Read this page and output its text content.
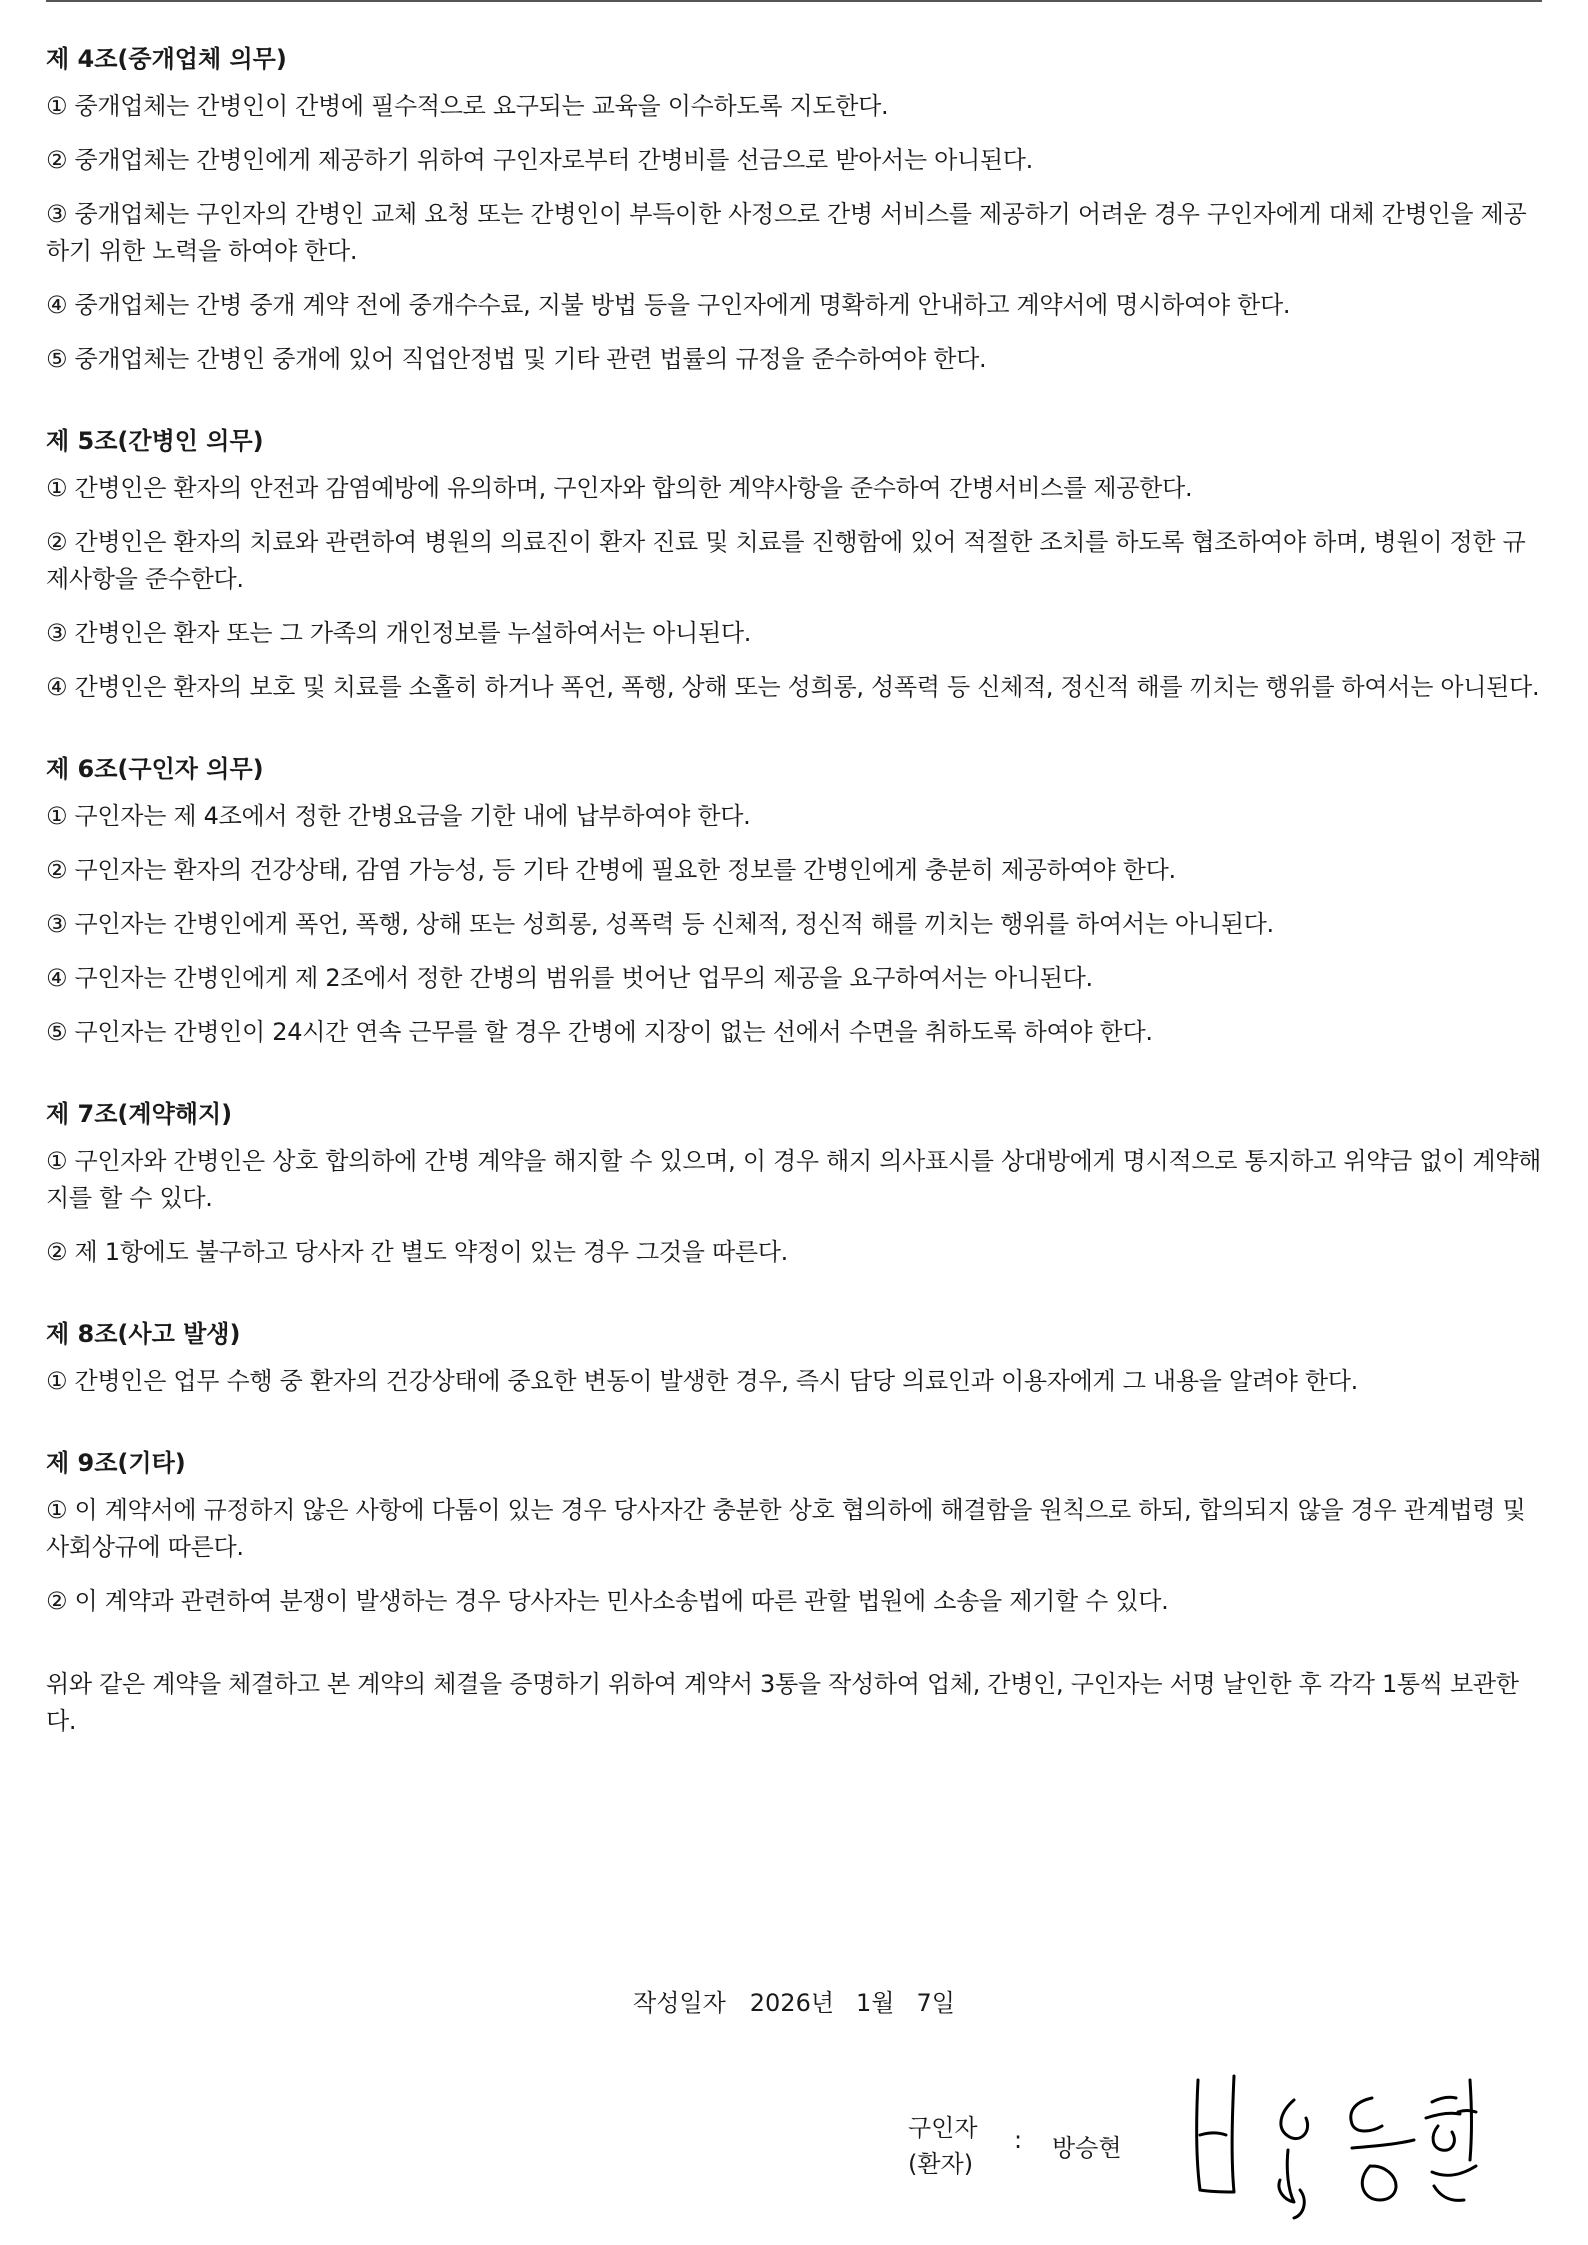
제 4조(중개업체 의무)
① 중개업체는 간병인이 간병에 필수적으로 요구되는 교육을 이수하도록 지도한다.
② 중개업체는 간병인에게 제공하기 위하여 구인자로부터 간병비를 선금으로 받아서는 아니된다.
③ 중개업체는 구인자의 간병인 교체 요청 또는 간병인이 부득이한 사정으로 간병 서비스를 제공하기 어려운 경우 구인자에게 대체 간병인을 제공하기 위한 노력을 하여야 한다.
④ 중개업체는 간병 중개 계약 전에 중개수수료, 지불 방법 등을 구인자에게 명확하게 안내하고 계약서에 명시하여야 한다.
⑤ 중개업체는 간병인 중개에 있어 직업안정법 및 기타 관련 법률의 규정을 준수하여야 한다.
제 5조(간병인 의무)
① 간병인은 환자의 안전과 감염예방에 유의하며, 구인자와 합의한 계약사항을 준수하여 간병서비스를 제공한다.
② 간병인은 환자의 치료와 관련하여 병원의 의료진이 환자 진료 및 치료를 진행함에 있어 적절한 조치를 하도록 협조하여야 하며, 병원이 정한 규제사항을 준수한다.
③ 간병인은 환자 또는 그 가족의 개인정보를 누설하여서는 아니된다.
④ 간병인은 환자의 보호 및 치료를 소홀히 하거나 폭언, 폭행, 상해 또는 성희롱, 성폭력 등 신체적, 정신적 해를 끼치는 행위를 하여서는 아니된다.
제 6조(구인자 의무)
① 구인자는 제 4조에서 정한 간병요금을 기한 내에 납부하여야 한다.
② 구인자는 환자의 건강상태, 감염 가능성, 등 기타 간병에 필요한 정보를 간병인에게 충분히 제공하여야 한다.
③ 구인자는 간병인에게 폭언, 폭행, 상해 또는 성희롱, 성폭력 등 신체적, 정신적 해를 끼치는 행위를 하여서는 아니된다.
④ 구인자는 간병인에게 제 2조에서 정한 간병의 범위를 벗어난 업무의 제공을 요구하여서는 아니된다.
⑤ 구인자는 간병인이 24시간 연속 근무를 할 경우 간병에 지장이 없는 선에서 수면을 취하도록 하여야 한다.
제 7조(계약해지)
① 구인자와 간병인은 상호 합의하에 간병 계약을 해지할 수 있으며, 이 경우 해지 의사표시를 상대방에게 명시적으로 통지하고 위약금 없이 계약해지를 할 수 있다.
② 제 1항에도 불구하고 당사자 간 별도 약정이 있는 경우 그것을 따른다.
제 8조(사고 발생)
① 간병인은 업무 수행 중 환자의 건강상태에 중요한 변동이 발생한 경우, 즉시 담당 의료인과 이용자에게 그 내용을 알려야 한다.
제 9조(기타)
① 이 계약서에 규정하지 않은 사항에 다툼이 있는 경우 당사자간 충분한 상호 협의하에 해결함을 원칙으로 하되, 합의되지 않을 경우 관계법령 및 사회상규에 따른다.
② 이 계약과 관련하여 분쟁이 발생하는 경우 당사자는 민사소송법에 따른 관할 법원에 소송을 제기할 수 있다.
위와 같은 계약을 체결하고 본 계약의 체결을 증명하기 위하여 계약서 3통을 작성하여 업체, 간병인, 구인자는 서명 날인한 후 각각 1통씩 보관한다.
작성일자 2026년 1월 7일
구인자
(환자)
: 방승현
